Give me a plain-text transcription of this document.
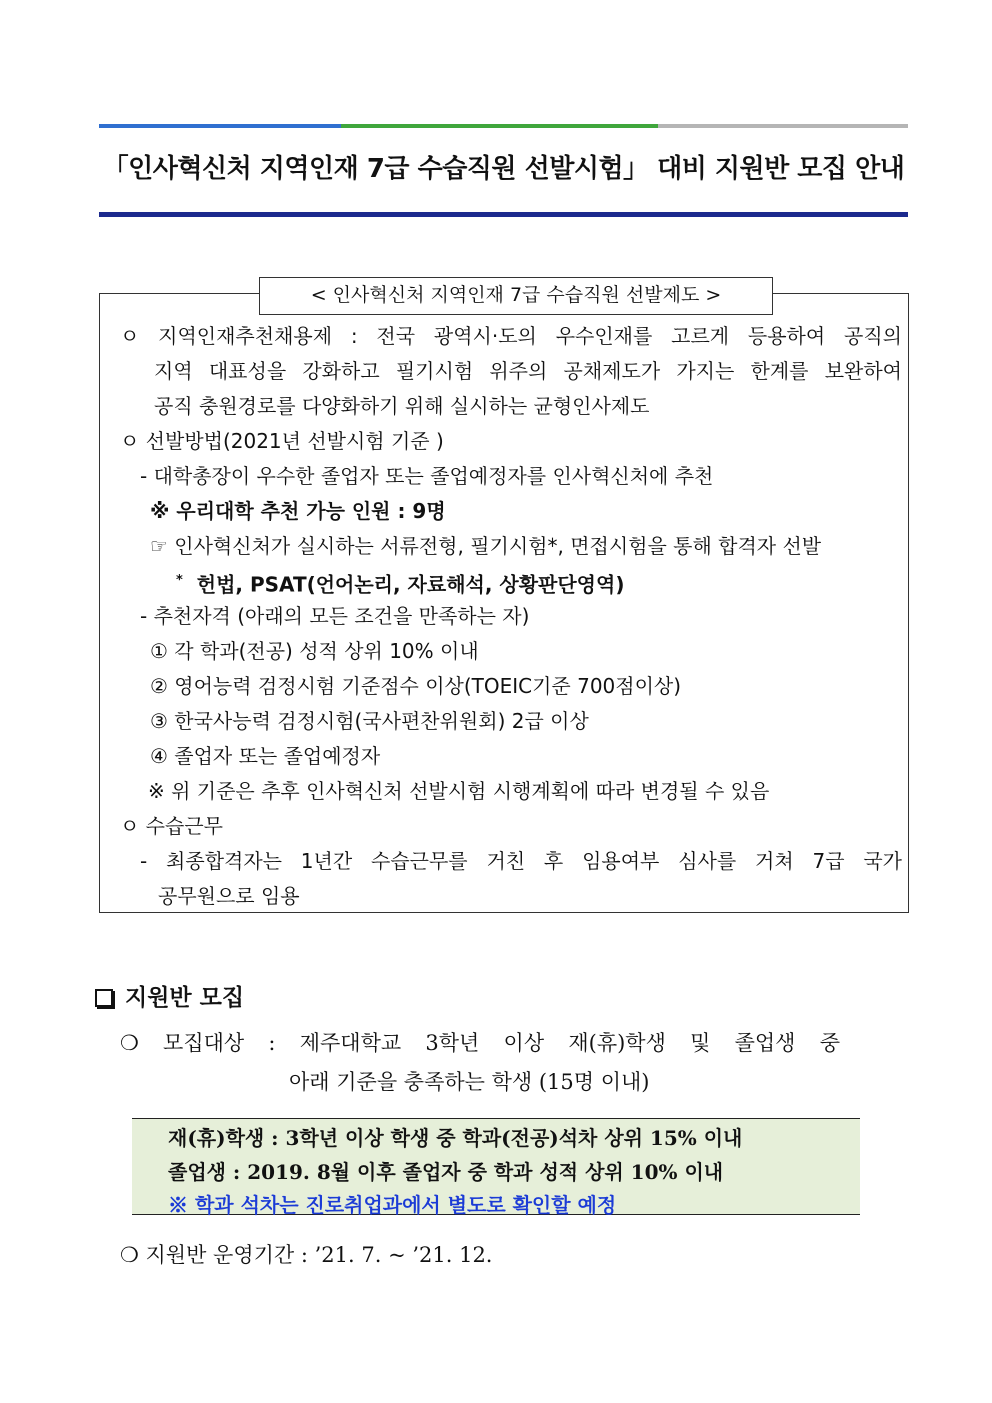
「인사혁신처 지역인재 7급 수습직원 선발시험」 대비 지원반 모집 안내
< 인사혁신처 지역인재 7급 수습직원 선발제도 >
ㅇ 지역인재추천채용제 : 전국 광역시·도의 우수인재를 고르게 등용하여 공직의
지역 대표성을 강화하고 필기시험 위주의 공채제도가 가지는 한계를 보완하여
공직 충원경로를 다양화하기 위해 실시하는 균형인사제도
ㅇ 선발방법(2021년 선발시험 기준 )
- 대학총장이 우수한 졸업자 또는 졸업예정자를 인사혁신처에 추천
※ 우리대학 추천 가능 인원 : 9명
☞ 인사혁신처가 실시하는 서류전형, 필기시험*, 면접시험을 통해 합격자 선발
* 헌법, PSAT(언어논리, 자료해석, 상황판단영역)
- 추천자격 (아래의 모든 조건을 만족하는 자)
① 각 학과(전공) 성적 상위 10% 이내
② 영어능력 검정시험 기준점수 이상(TOEIC기준 700점이상)
③ 한국사능력 검정시험(국사편찬위원회) 2급 이상
④ 졸업자 또는 졸업예정자
※ 위 기준은 추후 인사혁신처 선발시험 시행계획에 따라 변경될 수 있음
ㅇ 수습근무
- 최종합격자는 1년간 수습근무를 거친 후 임용여부 심사를 거쳐 7급 국가
공무원으로 임용
지원반 모집
❍ 모집대상 : 제주대학교 3학년 이상 재(휴)학생 및 졸업생 중
아래 기준을 충족하는 학생 (15명 이내)
재(휴)학생 : 3학년 이상 학생 중 학과(전공)석차 상위 15% 이내
졸업생 : 2019. 8월 이후 졸업자 중 학과 성적 상위 10% 이내
※ 학과 석차는 진로취업과에서 별도로 확인할 예정
❍ 지원반 운영기간 : ’21. 7. ~ ’21. 12.
